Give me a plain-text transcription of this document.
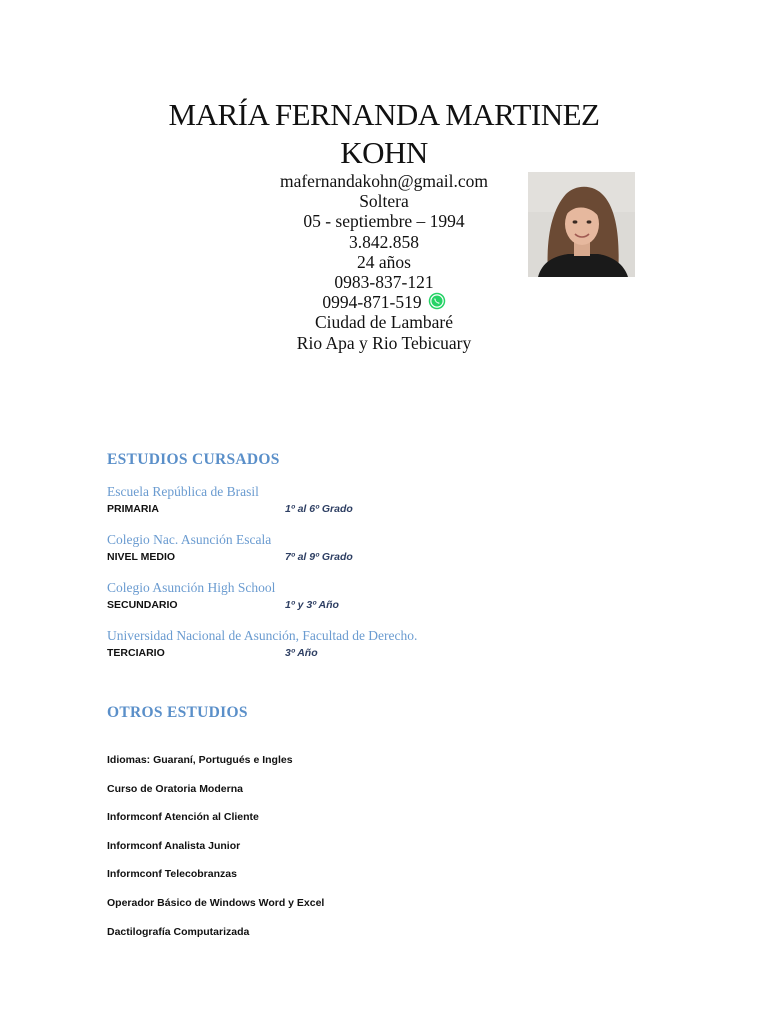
MARÍA FERNANDA MARTINEZ
KOHN
mafernandakohn@gmail.com
Soltera
05 - septiembre – 1994
3.842.858
24 años
0983-837-121
0994-871-519
Ciudad de Lambaré
Rio Apa y Rio Tebicuary
ESTUDIOS CURSADOS
Escuela República de Brasil
PRIMARIA	1º al 6º Grado
Colegio Nac. Asunción Escala
NIVEL MEDIO	7º al 9º Grado
Colegio Asunción High School
SECUNDARIO	1º y 3º Año
Universidad Nacional de Asunción, Facultad de Derecho.
TERCIARIO	3º Año
OTROS ESTUDIOS
Idiomas: Guaraní, Portugués e Ingles
Curso de Oratoria Moderna
Informconf Atención al Cliente
Informconf Analista Junior
Informconf Telecobranzas
Operador Básico de Windows Word y Excel
Dactilografía Computarizada
